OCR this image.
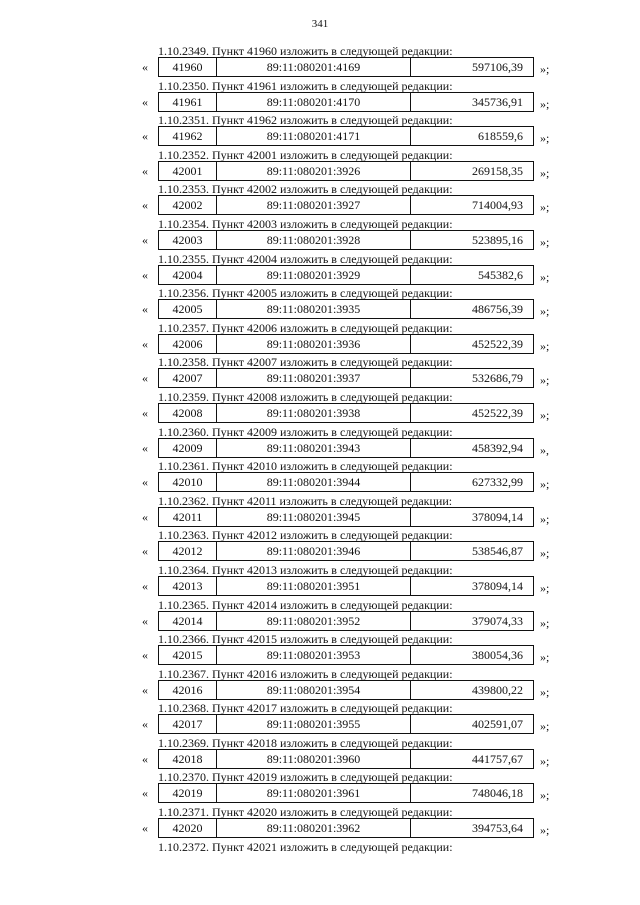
341
1.10.2349. Пункт 41960 изложить в следующей редакции:
«	41960	89:11:080201:4169	597106,39	»;
1.10.2350. Пункт 41961 изложить в следующей редакции:
«	41961	89:11:080201:4170	345736,91	»;
1.10.2351. Пункт 41962 изложить в следующей редакции:
«	41962	89:11:080201:4171	618559,6	»;
1.10.2352. Пункт 42001 изложить в следующей редакции:
«	42001	89:11:080201:3926	269158,35	»;
1.10.2353. Пункт 42002 изложить в следующей редакции:
«	42002	89:11:080201:3927	714004,93	»;
1.10.2354. Пункт 42003 изложить в следующей редакции:
«	42003	89:11:080201:3928	523895,16	»;
1.10.2355. Пункт 42004 изложить в следующей редакции:
«	42004	89:11:080201:3929	545382,6	»;
1.10.2356. Пункт 42005 изложить в следующей редакции:
«	42005	89:11:080201:3935	486756,39	»;
1.10.2357. Пункт 42006 изложить в следующей редакции:
«	42006	89:11:080201:3936	452522,39	»;
1.10.2358. Пункт 42007 изложить в следующей редакции:
«	42007	89:11:080201:3937	532686,79	»;
1.10.2359. Пункт 42008 изложить в следующей редакции:
«	42008	89:11:080201:3938	452522,39	»;
1.10.2360. Пункт 42009 изложить в следующей редакции:
«	42009	89:11:080201:3943	458392,94	»,
1.10.2361. Пункт 42010 изложить в следующей редакции:
«	42010	89:11:080201:3944	627332,99	»;
1.10.2362. Пункт 42011 изложить в следующей редакции:
«	42011	89:11:080201:3945	378094,14	»;
1.10.2363. Пункт 42012 изложить в следующей редакции:
«	42012	89:11:080201:3946	538546,87	»;
1.10.2364. Пункт 42013 изложить в следующей редакции:
«	42013	89:11:080201:3951	378094,14	»;
1.10.2365. Пункт 42014 изложить в следующей редакции:
«	42014	89:11:080201:3952	379074,33	»;
1.10.2366. Пункт 42015 изложить в следующей редакции:
«	42015	89:11:080201:3953	380054,36	»;
1.10.2367. Пункт 42016 изложить в следующей редакции:
«	42016	89:11:080201:3954	439800,22	»;
1.10.2368. Пункт 42017 изложить в следующей редакции:
«	42017	89:11:080201:3955	402591,07	»;
1.10.2369. Пункт 42018 изложить в следующей редакции:
«	42018	89:11:080201:3960	441757,67	»;
1.10.2370. Пункт 42019 изложить в следующей редакции:
«	42019	89:11:080201:3961	748046,18	»;
1.10.2371. Пункт 42020 изложить в следующей редакции:
«	42020	89:11:080201:3962	394753,64	»;
1.10.2372. Пункт 42021 изложить в следующей редакции:
